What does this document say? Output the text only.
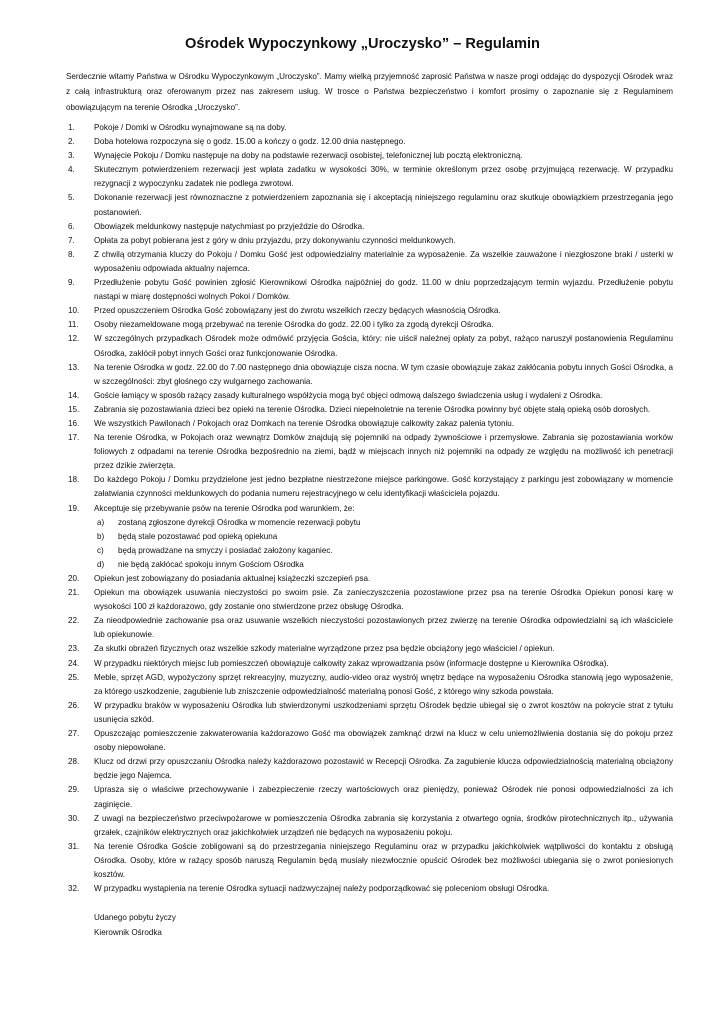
Ośrodek Wypoczynkowy „Uroczysko” – Regulamin

Serdecznie witamy Państwa w Ośrodku Wypoczynkowym „Uroczysko”. Mamy wielką przyjemność zaprosić Państwa w nasze progi oddając do dyspozycji Ośrodek wraz z całą infrastrukturą oraz oferowanym przez nas zakresem usług. W trosce o Państwa bezpieczeństwo i komfort prosimy o zapoznanie się z Regulaminem obowiązującym na terenie Ośrodka „Uroczysko”.

1. Pokoje / Domki w Ośrodku wynajmowane są na doby.
2. Doba hotelowa rozpoczyna się o godz. 15.00 a kończy o godz. 12.00 dnia następnego.
3. Wynajęcie Pokoju / Domku następuje na doby na podstawie rezerwacji osobistej, telefonicznej lub pocztą elektroniczną.
4. Skutecznym potwierdzeniem rezerwacji jest wpłata zadatku w wysokości 30%, w terminie określonym przez osobę przyjmującą rezerwację. W przypadku rezygnacji z wypoczynku zadatek nie podlega zwrotowi.
5. Dokonanie rezerwacji jest równoznaczne z potwierdzeniem zapoznania się i akceptacją niniejszego regulaminu oraz skutkuje obowiązkiem przestrzegania jego postanowień.
6. Obowiązek meldunkowy następuje natychmiast po przyjeździe do Ośrodka.
7. Opłata za pobyt pobierana jest z góry w dniu przyjazdu, przy dokonywaniu czynności meldunkowych.
8. Z chwilą otrzymania kluczy do Pokoju / Domku Gość jest odpowiedzialny materialnie za wyposażenie. Za wszelkie zauważone i niezgłoszone braki / usterki w wyposażeniu odpowiada aktualny najemca.
9. Przedłużenie pobytu Gość powinien zgłosić Kierownikowi Ośrodka najpóźniej do godz. 11.00 w dniu poprzedzającym termin wyjazdu. Przedłużenie pobytu nastąpi w miarę dostępności wolnych Pokoi / Domków.
10. Przed opuszczeniem Ośrodka Gość zobowiązany jest do zwrotu wszelkich rzeczy będących własnością Ośrodka.
11. Osoby niezameldowane mogą przebywać na terenie Ośrodka do godz. 22.00 i tylko za zgodą dyrekcji Ośrodka.
12. W szczególnych przypadkach Ośrodek może odmówić przyjęcia Gościa, który: nie uiścił należnej opłaty za pobyt, rażąco naruszył postanowienia Regulaminu Ośrodka, zakłócił pobyt innych Gości oraz funkcjonowanie Ośrodka.
13. Na terenie Ośrodka w godz. 22.00 do 7.00 następnego dnia obowiązuje cisza nocna. W tym czasie obowiązuje zakaz zakłócania pobytu innych Gości Ośrodka, a w szczególności: zbyt głośnego czy wulgarnego zachowania.
14. Goście łamiący w sposób rażący zasady kulturalnego współżycia mogą być objęci odmową dalszego świadczenia usług i wydaleni z Ośrodka.
15. Zabrania się pozostawiania dzieci bez opieki na terenie Ośrodka. Dzieci niepełnoletnie na terenie Ośrodka powinny być objęte stałą opieką osób dorosłych.
16. We wszystkich Pawilonach / Pokojach oraz Domkach na terenie Ośrodka obowiązuje całkowity zakaz palenia tytoniu.
17. Na terenie Ośrodka, w Pokojach oraz wewnątrz Domków znajdują się pojemniki na odpady żywnościowe i przemysłowe. Zabrania się pozostawiania worków foliowych z odpadami na terenie Ośrodka bezpośrednio na ziemi, bądź w miejscach innych niż pojemniki na odpady ze względu na możliwość ich penetracji przez dzikie zwierzęta.
18. Do każdego Pokoju / Domku przydzielone jest jedno bezpłatne niestrzeżone miejsce parkingowe. Gość korzystający z parkingu jest zobowiązany w momencie załatwiania czynności meldunkowych do podania numeru rejestracyjnego w celu identyfikacji właściciela pojazdu.
19. Akceptuje się przebywanie psów na terenie Ośrodka pod warunkiem, że:
a) zostaną zgłoszone dyrekcji Ośrodka w momencie rezerwacji pobytu
b) będą stale pozostawać pod opieką opiekuna
c) będą prowadzane na smyczy i posiadać założony kaganiec.
d) nie będą zakłócać spokoju innym Gościom Ośrodka
20. Opiekun jest zobowiązany do posiadania aktualnej książeczki szczepień psa.
21. Opiekun ma obowiązek usuwania nieczystości po swoim psie. Za zanieczyszczenia pozostawione przez psa na terenie Ośrodka Opiekun ponosi karę w wysokości 100 zł każdorazowo, gdy zostanie ono stwierdzone przez obsługę Ośrodka.
22. Za nieodpowiednie zachowanie psa oraz usuwanie wszelkich nieczystości pozostawionych przez zwierzę na terenie Ośrodka odpowiedzialni są ich właściciele lub opiekunowie.
23. Za skutki obrażeń fizycznych oraz wszelkie szkody materialne wyrządzone przez psa będzie obciążony jego właściciel / opiekun.
24. W przypadku niektórych miejsc lub pomieszczeń obowiązuje całkowity zakaz wprowadzania psów (informacje dostępne u Kierownika Ośrodka).
25. Meble, sprzęt AGD, wypożyczony sprzęt rekreacyjny, muzyczny, audio-video oraz wystrój wnętrz będące na wyposażeniu Ośrodka stanowią jego wyposażenie, za którego uszkodzenie, zagubienie lub zniszczenie odpowiedzialność materialną ponosi Gość, z którego winy szkoda powstała.
26. W przypadku braków w wyposażeniu Ośrodka lub stwierdzonymi uszkodzeniami sprzętu Ośrodek będzie ubiegał się o zwrot kosztów na pokrycie strat z tytułu usunięcia szkód.
27. Opuszczając pomieszczenie zakwaterowania każdorazowo Gość ma obowiązek zamknąć drzwi na klucz w celu uniemożliwienia dostania się do pokoju przez osoby niepowołane.
28. Klucz od drzwi przy opuszczaniu Ośrodka należy każdorazowo pozostawić w Recepcji Ośrodka. Za zagubienie klucza odpowiedzialnością materialną obciążony będzie jego Najemca.
29. Uprasza się o właściwe przechowywanie i zabezpieczenie rzeczy wartościowych oraz pieniędzy, ponieważ Ośrodek nie ponosi odpowiedzialności za ich zaginięcie.
30. Z uwagi na bezpieczeństwo przeciwpożarowe w pomieszczenia Ośrodka zabrania się korzystania z otwartego ognia, środków pirotechnicznych itp., używania grzałek, czajników elektrycznych oraz jakichkolwiek urządzeń nie będących na wyposażeniu pokoju.
31. Na terenie Ośrodka Goście zobligowani są do przestrzegania niniejszego Regulaminu oraz w przypadku jakichkolwiek wątpliwości do kontaktu z obsługą Ośrodka. Osoby, które w rażący sposób naruszą Regulamin będą musiały niezwłocznie opuścić Ośrodek bez możliwości ubiegania się o zwrot poniesionych kosztów.
32. W przypadku wystąpienia na terenie Ośrodka sytuacji nadzwyczajnej należy podporządkować się poleceniom obsługi Ośrodka.
Udanego pobytu życzy
Kierownik Ośrodka
